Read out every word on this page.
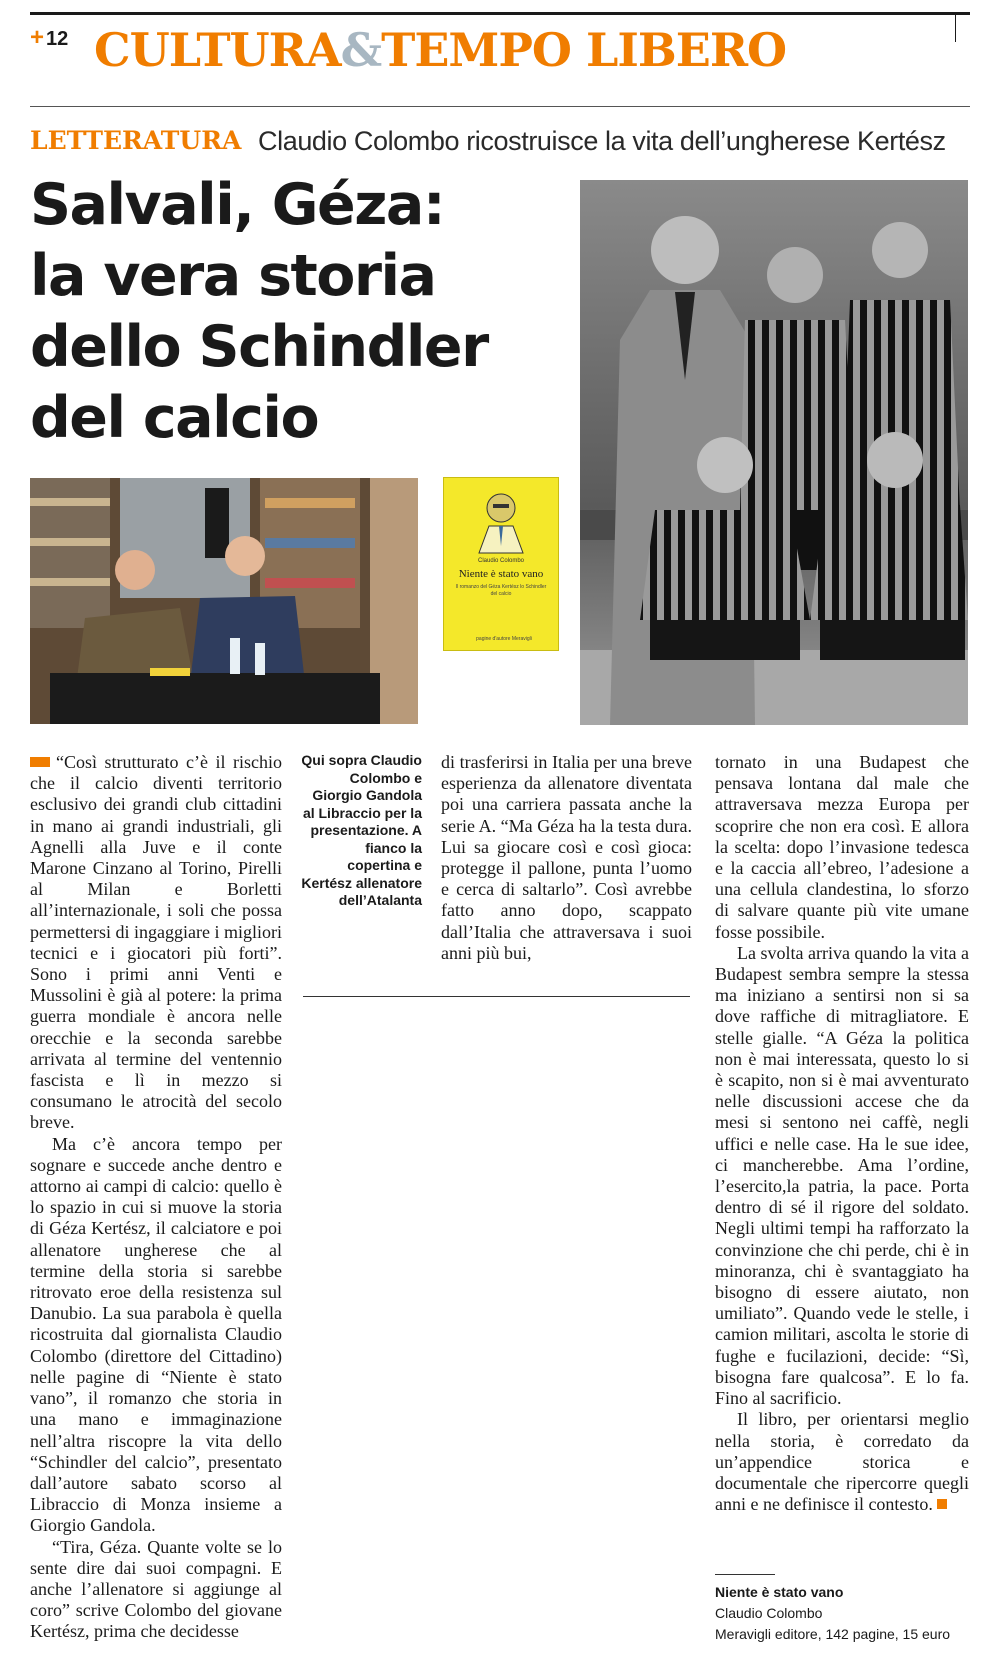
+ 12 CULTURA&TEMPO LIBERO
LETTERATURA Claudio Colombo ricostruisce la vita dell’ungherese Kertész
Salvali, Géza:
la vera storia
dello Schindler
del calcio
Claudio Colombo
Niente è stato vano
Il romanzo del Géza Kertész lo Schindler del calcio
pagine d'autore Meravigli
Qui sopra Claudio Colombo e Giorgio Gandola al Libraccio per la presentazione. A fianco la copertina e Kertész allenatore dell’Atalanta

“Così strutturato c’è il rischio che il calcio diventi territorio esclusivo dei grandi club cittadini in mano ai grandi industriali, gli Agnelli alla Juve e il conte Marone Cinzano al Torino, Pirelli al Milan e Borletti all’internazionale, i soli che possa permettersi di ingaggiare i migliori tecnici e i giocatori più forti”. Sono i primi anni Venti e Mussolini è già al potere: la prima guerra mondiale è ancora nelle orecchie e la seconda sarebbe arrivata al termine del ventennio fascista e lì in mezzo si consumano le atrocità del secolo breve.

Ma c’è ancora tempo per sognare e succede anche dentro e attorno ai campi di calcio: quello è lo spazio in cui si muove la storia di Géza Kertész, il calciatore e poi allenatore ungherese che al termine della storia si sarebbe ritrovato eroe della resistenza sul Danubio. La sua parabola è quella ricostruita dal giornalista Claudio Colombo (direttore del Cittadino) nelle pagine di “Niente è stato vano”, il romanzo che storia in una mano e immaginazione nell’altra riscopre la vita dello “Schindler del calcio”, presentato dall’autore sabato scorso al Libraccio di Monza insieme a Giorgio Gandola.

“Tira, Géza. Quante volte se lo sente dire dai suoi compagni. E anche l’allenatore si aggiunge al coro” scrive Colombo del giovane Kertész, prima che decidesse

di trasferirsi in Italia per una breve esperienza da allenatore diventata poi una carriera passata anche la serie A. “Ma Géza ha la testa dura. Lui sa giocare così e così gioca: protegge il pallone, punta l’uomo e cerca di saltarlo”. Così avrebbe fatto anno dopo, scappato dall’Italia che attraversava i suoi anni più bui,

tornato in una Budapest che pensava lontana dal male che attraversava mezza Europa per scoprire che non era così. E allora la scelta: dopo l’invasione tedesca e la caccia all’ebreo, l’adesione a una cellula clandestina, lo sforzo di salvare quante più vite umane fosse possibile.

La svolta arriva quando la vita a Budapest sembra sempre la stessa ma iniziano a sentirsi non si sa dove raffiche di mitragliatore. E stelle gialle. “A Géza la politica non è mai interessata, questo lo si è scapito, non si è mai avventurato nelle discussioni accese che da mesi si sentono nei caffè, negli uffici e nelle case. Ha le sue idee, ci mancherebbe. Ama l’ordine, l’esercito,la patria, la pace. Porta dentro di sé il rigore del soldato. Negli ultimi tempi ha rafforzato la convinzione che chi perde, chi è in minoranza, chi è svantaggiato ha bisogno di essere aiutato, non umiliato”. Quando vede le stelle, i camion militari, ascolta le storie di fughe e fucilazioni, decide: “Sì, bisogna fare qualcosa”. E lo fa. Fino al sacrificio.

Il libro, per orientarsi meglio nella storia, è corredato da un’appendice storica e documentale che ripercorre quegli anni e ne definisce il contesto.

Niente è stato vano
Claudio Colombo
Meravigli editore, 142 pagine, 15 euro
